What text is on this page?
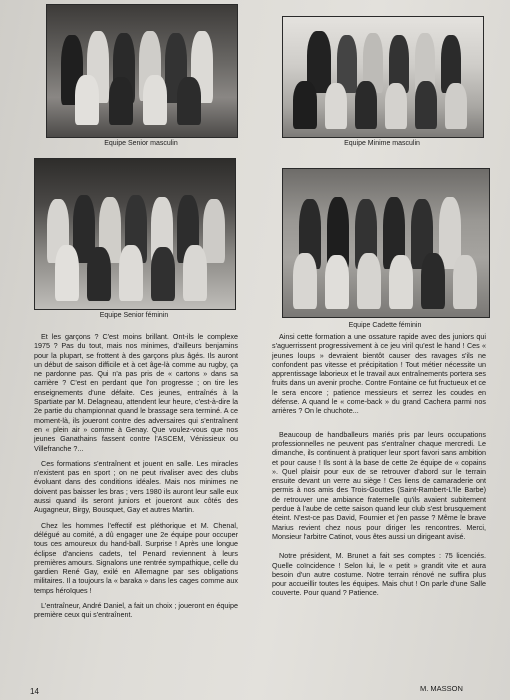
Equipe Senior masculin	Equipe Minime masculin
Equipe Senior féminin
Equipe Cadette féminin

Et les garçons ? C'est moins brillant. Ont-ils le complexe 1975 ? Pas du tout, mais nos minimes, d'ailleurs benjamins pour la plupart, se frottent à des garçons plus âgés. Ils auront un début de saison difficile et à cet âge-là comme au rugby, ça ne pardonne pas. Qui n'a pas pris de « cartons » dans sa carrière ? C'est en perdant que l'on progresse ; on tire les enseignements d'une défaite. Ces jeunes, entraînés à la Spartiate par M. Delagneau, attendent leur heure, c'est-à-dire la 2e partie du championnat quand le brassage sera terminé. A ce moment-là, ils joueront contre des adversaires qui s'entraînent en « plein air » comme à Genay. Que voulez-vous que nos jeunes Ganathains fassent contre l'ASCEM, Vénissieux ou Villefranche ?...

Ces formations s'entraînent et jouent en salle. Les miracles n'existent pas en sport ; on ne peut rivaliser avec des clubs évoluant dans des conditions idéales. Mais nos minimes ne doivent pas baisser les bras ; vers 1980 ils auront leur salle eux aussi quand ils seront juniors et joueront aux côtés des Augagneur, Birgy, Bousquet, Gay et autres Martin.

Chez les hommes l'effectif est pléthorique et M. Chenal, délégué au comité, a dû engager une 2e équipe pour occuper tous ces amoureux du hand-ball. Surprise ! Après une longue éclipse d'anciens cadets, tel Penard reviennent à leurs premières amours. Signalons une rentrée sympathique, celle du gardien René Gay, exilé en Allemagne par ses obligations militaires. Il a toujours la « baraka » dans les cages comme aux temps héroïques !

L'entraîneur, André Daniel, a fait un choix ; joueront en équipe première ceux qui s'entraînent.

Ainsi cette formation a une ossature rapide avec des juniors qui s'aguerrissent progressivement à ce jeu viril qu'est le hand ! Ces « jeunes loups » devraient bientôt causer des ravages s'ils ne confondent pas vitesse et précipitation ! Tout métier nécessite un apprentissage laborieux et le travail aux entraînements portera ses fruits dans un avenir proche. Contre Fontaine ce fut fructueux et ce le sera encore ; patience messieurs et serrez les coudes en défense. A quand le « come-back » du grand Cachera parmi nos arrières ? On le chuchote...

Beaucoup de handballeurs mariés pris par leurs occupations professionnelles ne peuvent pas s'entraîner chaque mercredi. Le dimanche, ils continuent à pratiquer leur sport favori sans ambition et pour cause ! Ils sont à la base de cette 2e équipe de « copains ». Quel plaisir pour eux de se retrouver d'abord sur le terrain ensuite devant un verre au siège ! Ces liens de camaraderie ont permis à nos amis des Trois-Gouttes (Saint-Rambert-L'Ile Barbe) de retrouver une ambiance fraternelle qu'ils avaient subitement perdue à l'aube de cette saison quand leur club s'est brusquement éteint. N'est-ce pas David, Fournier et j'en passe ? Même le brave Marius revient chez nous pour diriger les rencontres. Merci, Monsieur l'arbitre Catinot, vous êtes aussi un dirigeant avisé.

Notre président, M. Brunet a fait ses comptes : 75 licenciés. Quelle coïncidence ! Selon lui, le « petit » grandit vite et aura besoin d'un autre costume. Notre terrain rénové ne suffira plus pour accueillir toutes les équipes. Mais chut ! On parle d'une Salle couverte. Pour quand ? Patience.

M. MASSON
14
